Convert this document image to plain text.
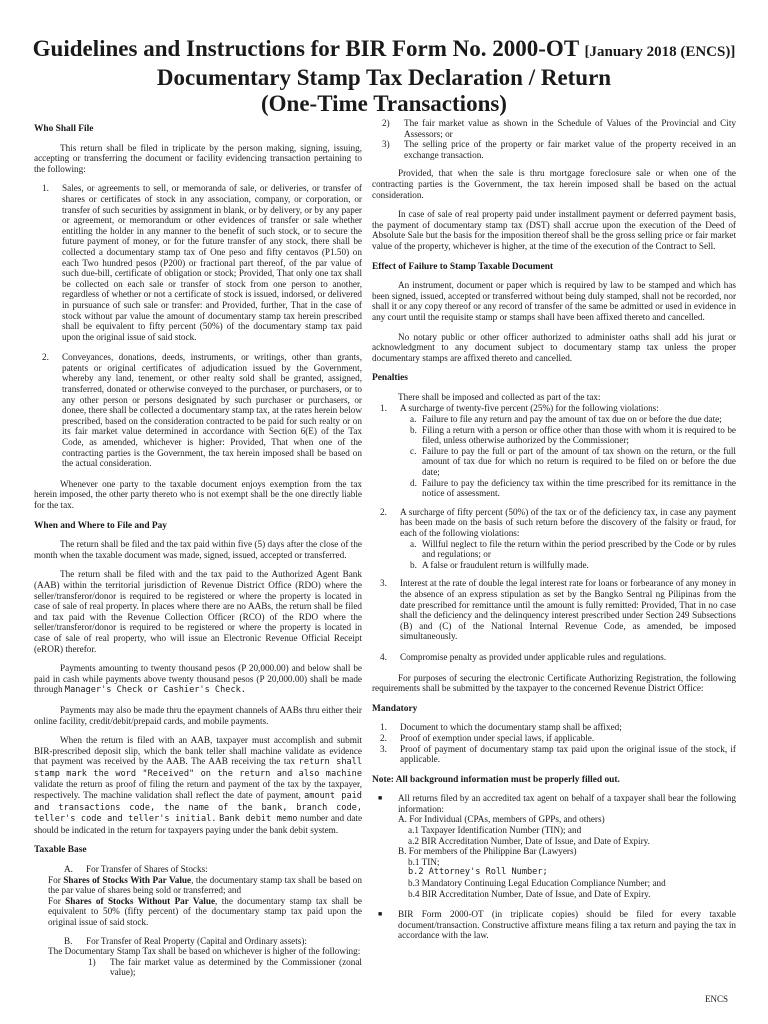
Guidelines and Instructions for BIR Form No. 2000-OT [January 2018 (ENCS)]
Documentary Stamp Tax Declaration / Return
(One-Time Transactions)
Who Shall File

This return shall be filed in triplicate by the person making, signing, issuing, accepting or transferring the document or facility evidencing transaction pertaining to the following:

1.	Sales, or agreements to sell, or memoranda of sale, or deliveries, or transfer of shares or certificates of stock in any association, company, or corporation, or transfer of such securities by assignment in blank, or by delivery, or by any paper or agreement, or memorandum or other evidences of transfer or sale whether entitling the holder in any manner to the benefit of such stock, or to secure the future payment of money, or for the future transfer of any stock, there shall be collected a documentary stamp tax of One peso and fifty centavos (P1.50) on each Two hundred pesos (P200) or fractional part thereof, of the par value of such due-bill, certificate of obligation or stock; Provided, That only one tax shall be collected on each sale or transfer of stock from one person to another, regardless of whether or not a certificate of stock is issued, indorsed, or delivered in pursuance of such sale or transfer: and Provided, further, That in the case of stock without par value the amount of documentary stamp tax herein prescribed shall be equivalent to fifty percent (50%) of the documentary stamp tax paid upon the original issue of said stock.
2.	Conveyances, donations, deeds, instruments, or writings, other than grants, patents or original certificates of adjudication issued by the Government, whereby any land, tenement, or other realty sold shall be granted, assigned, transferred, donated or otherwise conveyed to the purchaser, or purchasers, or to any other person or persons designated by such purchaser or purchasers, or donee, there shall be collected a documentary stamp tax, at the rates herein below prescribed, based on the consideration contracted to be paid for such realty or on its fair market value determined in accordance with Section 6(E) of the Tax Code, as amended, whichever is higher: Provided, That when one of the contracting parties is the Government, the tax herein imposed shall be based on the actual consideration.

Whenever one party to the taxable document enjoys exemption from the tax herein imposed, the other party thereto who is not exempt shall be the one directly liable for the tax.

When and Where to File and Pay

The return shall be filed and the tax paid within five (5) days after the close of the month when the taxable document was made, signed, issued, accepted or transferred.

The return shall be filed with and the tax paid to the Authorized Agent Bank (AAB) within the territorial jurisdiction of Revenue District Office (RDO) where the seller/transferor/donor is required to be registered or where the property is located in case of sale of real property. In places where there are no AABs, the return shall be filed and tax paid with the Revenue Collection Officer (RCO) of the RDO where the seller/transferor/donor is required to be registered or where the property is located in case of sale of real property, who will issue an Electronic Revenue Official Receipt (eROR) therefor.

Payments amounting to twenty thousand pesos (P 20,000.00) and below shall be paid in cash while payments above twenty thousand pesos (P 20,000.00) shall be made through Manager's Check or Cashier's Check.

Payments may also be made thru the epayment channels of AABs thru either their online facility, credit/debit/prepaid cards, and mobile payments.

When the return is filed with an AAB, taxpayer must accomplish and submit BIR-prescribed deposit slip, which the bank teller shall machine validate as evidence that payment was received by the AAB. The AAB receiving the tax return shall stamp mark the word "Received" on the return and also machine validate the return as proof of filing the return and payment of the tax by the taxpayer, respectively. The machine validation shall reflect the date of payment, amount paid and transactions code, the name of the bank, branch code, teller's code and teller's initial. Bank debit memo number and date should be indicated in the return for taxpayers paying under the bank debit system.

Taxable Base
A.	For Transfer of Shares of Stocks:
For Shares of Stocks With Par Value, the documentary stamp tax shall be based on the par value of shares being sold or transferred; and
For Shares of Stocks Without Par Value, the documentary stamp tax shall be equivalent to 50% (fifty percent) of the documentary stamp tax paid upon the original issue of said stock.
B.	For Transfer of Real Property (Capital and Ordinary assets):
The Documentary Stamp Tax shall be based on whichever is higher of the following:
1)	The fair market value as determined by the Commissioner (zonal value);
2)	The fair market value as shown in the Schedule of Values of the Provincial and City Assessors; or
3)	The selling price of the property or fair market value of the property received in an exchange transaction.

Provided, that when the sale is thru mortgage foreclosure sale or when one of the contracting parties is the Government, the tax herein imposed shall be based on the actual consideration.

In case of sale of real property paid under installment payment or deferred payment basis, the payment of documentary stamp tax (DST) shall accrue upon the execution of the Deed of Absolute Sale but the basis for the imposition thereof shall be the gross selling price or fair market value of the property, whichever is higher, at the time of the execution of the Contract to Sell.

Effect of Failure to Stamp Taxable Document

An instrument, document or paper which is required by law to be stamped and which has been signed, issued, accepted or transferred without being duly stamped, shall not be recorded, nor shall it or any copy thereof or any record of transfer of the same be admitted or used in evidence in any court until the requisite stamp or stamps shall have been affixed thereto and cancelled.

No notary public or other officer authorized to administer oaths shall add his jurat or acknowledgment to any document subject to documentary stamp tax unless the proper documentary stamps are affixed thereto and cancelled.

Penalties

There shall be imposed and collected as part of the tax:

1.	A surcharge of twenty-five percent (25%) for the following violations:
a. Failure to file any return and pay the amount of tax due on or before the due date;
b. Filing a return with a person or office other than those with whom it is required to be filed, unless otherwise authorized by the Commissioner;
c. Failure to pay the full or part of the amount of tax shown on the return, or the full amount of tax due for which no return is required to be filed on or before the due date;
d. Failure to pay the deficiency tax within the time prescribed for its remittance in the notice of assessment.
2.	A surcharge of fifty percent (50%) of the tax or of the deficiency tax, in case any payment has been made on the basis of such return before the discovery of the falsity or fraud, for each of the following violations:
a. Willful neglect to file the return within the period prescribed by the Code or by rules and regulations; or
b. A false or fraudulent return is willfully made.
3.	Interest at the rate of double the legal interest rate for loans or forbearance of any money in the absence of an express stipulation as set by the Bangko Sentral ng Pilipinas from the date prescribed for remittance until the amount is fully remitted: Provided, That in no case shall the deficiency and the delinquency interest prescribed under Section 249 Subsections (B) and (C) of the National Internal Revenue Code, as amended, be imposed simultaneously.
4.	Compromise penalty as provided under applicable rules and regulations.

For purposes of securing the electronic Certificate Authorizing Registration, the following requirements shall be submitted by the taxpayer to the concerned Revenue District Office:

Mandatory
1.	Document to which the documentary stamp shall be affixed;
2.	Proof of exemption under special laws, if applicable.
3.	Proof of payment of documentary stamp tax paid upon the original issue of the stock, if applicable.
Note: All background information must be properly filled out.
■	All returns filed by an accredited tax agent on behalf of a taxpayer shall bear the following information:
A. For Individual (CPAs, members of GPPs, and others)
a.1 Taxpayer Identification Number (TIN); and
a.2 BIR Accreditation Number, Date of Issue, and Date of Expiry.
B. For members of the Philippine Bar (Lawyers)
b.1 TIN;
b.2 Attorney's Roll Number;
b.3 Mandatory Continuing Legal Education Compliance Number; and
b.4 BIR Accreditation Number, Date of Issue, and Date of Expiry.
■	BIR Form 2000-OT (in triplicate copies) should be filed for every taxable document/transaction. Constructive affixture means filing a tax return and paying the tax in accordance with the law.
ENCS
